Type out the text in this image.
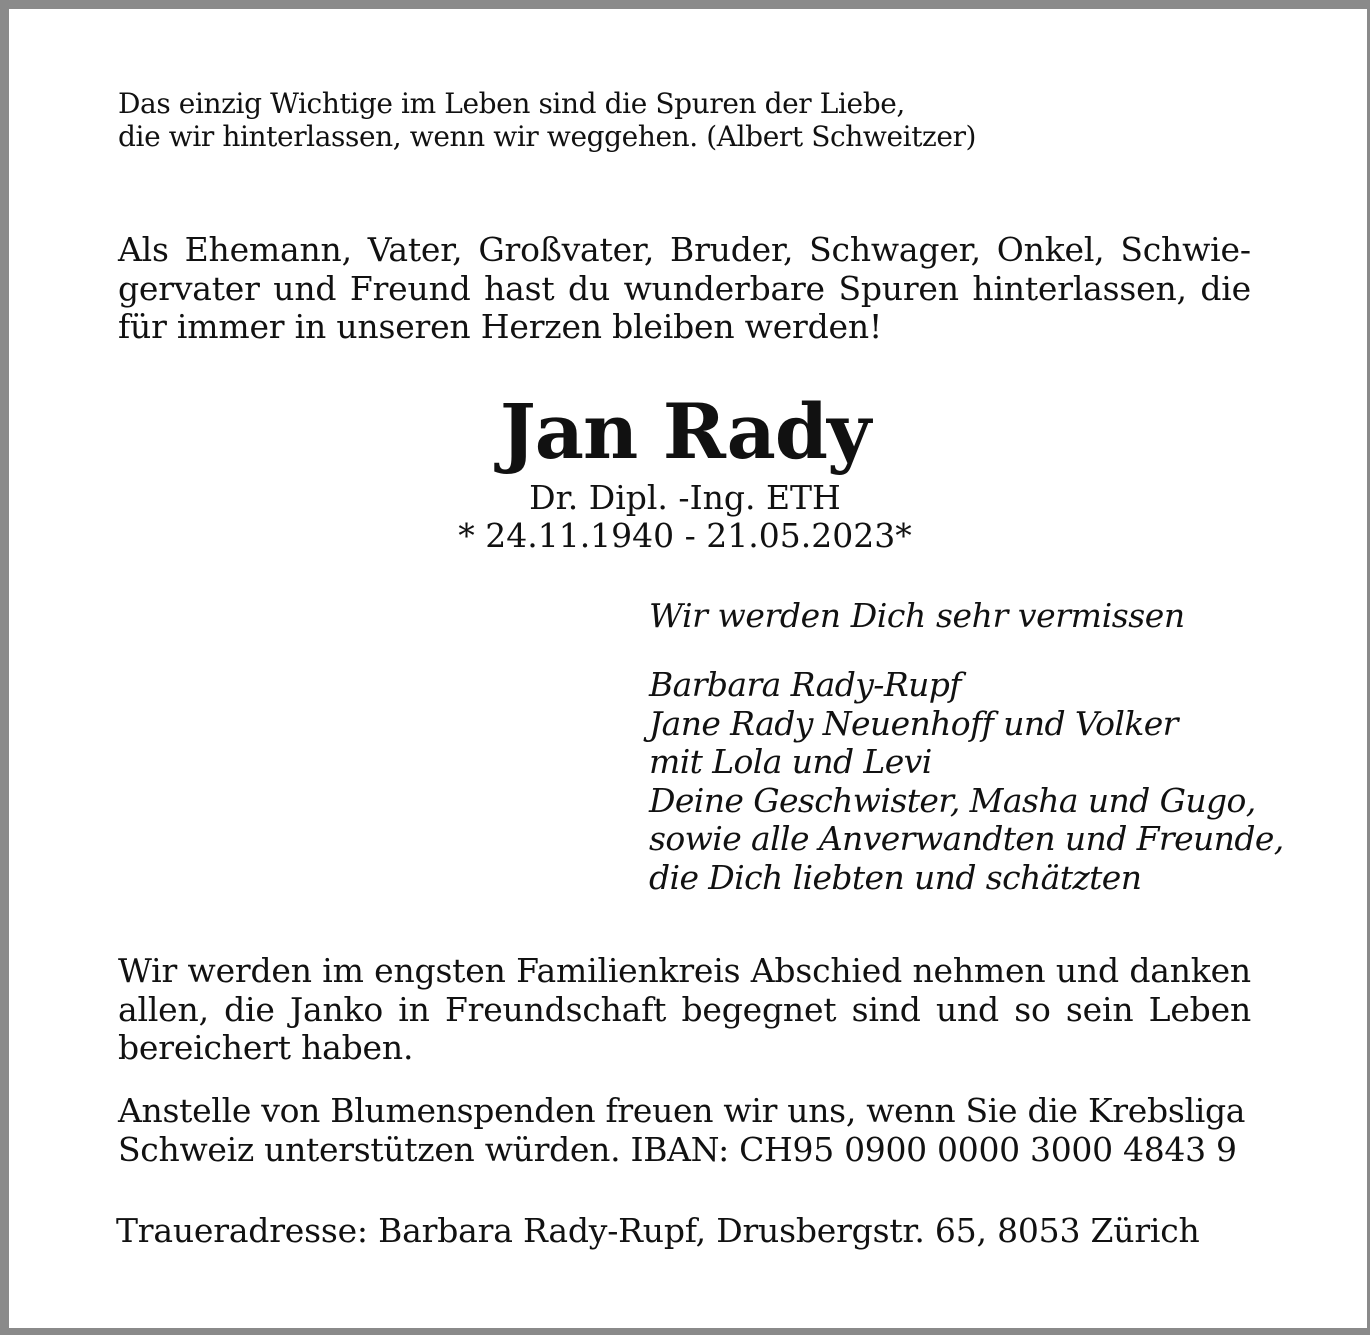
Das einzig Wichtige im Leben sind die Spuren der Liebe,
die wir hinterlassen, wenn wir weggehen. (Albert Schweitzer)
Als Ehemann, Vater, Großvater, Bruder, Schwager, Onkel, Schwiegervater und Freund hast du wunderbare Spuren hinterlassen, die für immer in unseren Herzen bleiben werden!
Jan Rady
Dr. Dipl. -Ing. ETH
* 24.11.1940 - 21.05.2023*
Wir werden Dich sehr vermissen
Barbara Rady-Rupf
Jane Rady Neuenhoff und Volker
mit Lola und Levi
Deine Geschwister, Masha und Gugo,
sowie alle Anverwandten und Freunde,
die Dich liebten und schätzten
Wir werden im engsten Familienkreis Abschied nehmen und danken allen, die Janko in Freundschaft begegnet sind und so sein Leben bereichert haben.
Anstelle von Blumenspenden freuen wir uns, wenn Sie die Krebsliga
Schweiz unterstützen würden. IBAN: CH95 0900 0000 3000 4843 9
Traueradresse: Barbara Rady-Rupf, Drusbergstr. 65, 8053 Zürich
